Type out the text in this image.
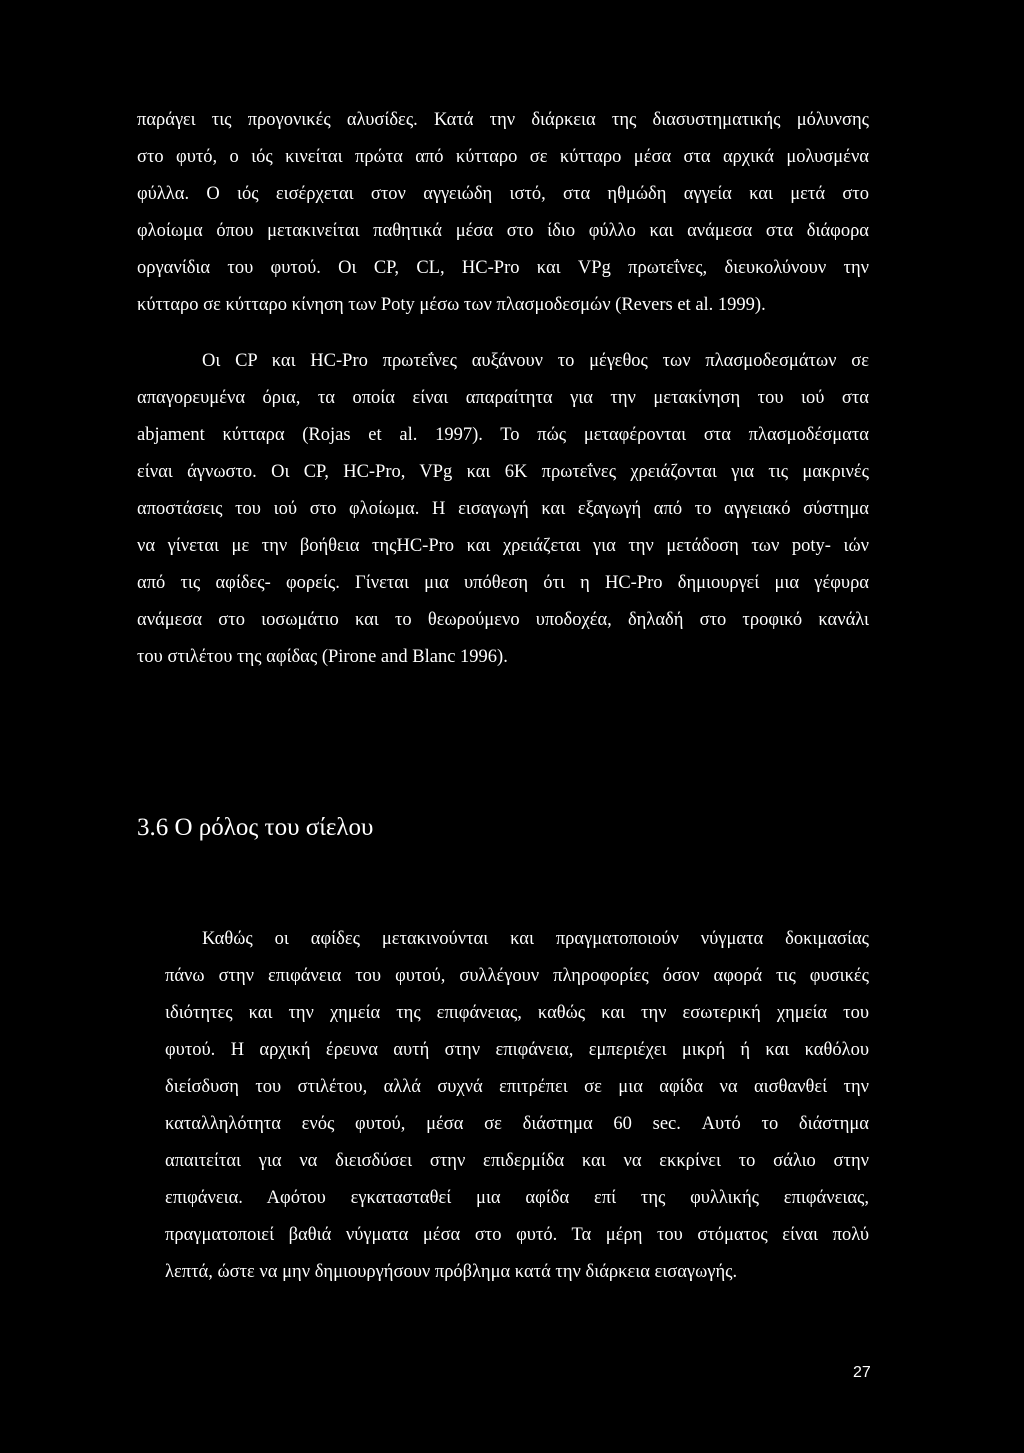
παράγει τις προγονικές αλυσίδες. Κατά την διάρκεια της διασυστηματικής μόλυνσης
στο φυτό, ο ιός κινείται πρώτα από κύτταρο σε κύτταρο μέσα στα αρχικά μολυσμένα
φύλλα. Ο ιός εισέρχεται στον αγγειώδη ιστό, στα ηθμώδη αγγεία και μετά στο
φλοίωμα όπου μετακινείται παθητικά μέσα στο ίδιο φύλλο και ανάμεσα στα διάφορα
οργανίδια του φυτού. Οι CP, CL, HC-Pro και VPg πρωτεΐνες, διευκολύνουν την
κύτταρο σε κύτταρο κίνηση των Poty μέσω των πλασμοδεσμών (Revers et al. 1999).
Οι CP και HC-Pro πρωτεΐνες αυξάνουν το μέγεθος των πλασμοδεσμάτων σε
απαγορευμένα όρια, τα οποία είναι απαραίτητα για την μετακίνηση του ιού στα
abjament κύτταρα (Rojas et al. 1997). Το πώς μεταφέρονται στα πλασμοδέσματα
είναι άγνωστο. Οι CP, HC-Pro, VPg και 6K πρωτεΐνες χρειάζονται για τις μακρινές
αποστάσεις του ιού στο φλοίωμα. Η εισαγωγή και εξαγωγή από το αγγειακό σύστημα
να γίνεται με την βοήθεια τηςHC-Pro και χρειάζεται για την μετάδοση των poty- ιών
από τις αφίδες- φορείς. Γίνεται μια υπόθεση ότι η HC-Pro δημιουργεί μια γέφυρα
ανάμεσα στο ιοσωμάτιο και το θεωρούμενο υποδοχέα, δηλαδή στο τροφικό κανάλι
του στιλέτου της αφίδας (Pirone and Blanc 1996).
3.6 Ο ρόλος του σίελου
Καθώς οι αφίδες μετακινούνται και πραγματοποιούν νύγματα δοκιμασίας
πάνω στην επιφάνεια του φυτού, συλλέγουν πληροφορίες όσον αφορά τις φυσικές
ιδιότητες και την χημεία της επιφάνειας, καθώς και την εσωτερική χημεία του
φυτού. Η αρχική έρευνα αυτή στην επιφάνεια, εμπεριέχει μικρή ή και καθόλου
διείσδυση του στιλέτου, αλλά συχνά επιτρέπει σε μια αφίδα να αισθανθεί την
καταλληλότητα ενός φυτού, μέσα σε διάστημα 60 sec. Αυτό το διάστημα
απαιτείται για να διεισδύσει στην επιδερμίδα και να εκκρίνει το σάλιο στην
επιφάνεια. Αφότου εγκατασταθεί μια αφίδα επί της φυλλικής επιφάνειας,
πραγματοποιεί βαθιά νύγματα μέσα στο φυτό. Τα μέρη του στόματος είναι πολύ
λεπτά, ώστε να μην δημιουργήσουν πρόβλημα κατά την διάρκεια εισαγωγής.
27
